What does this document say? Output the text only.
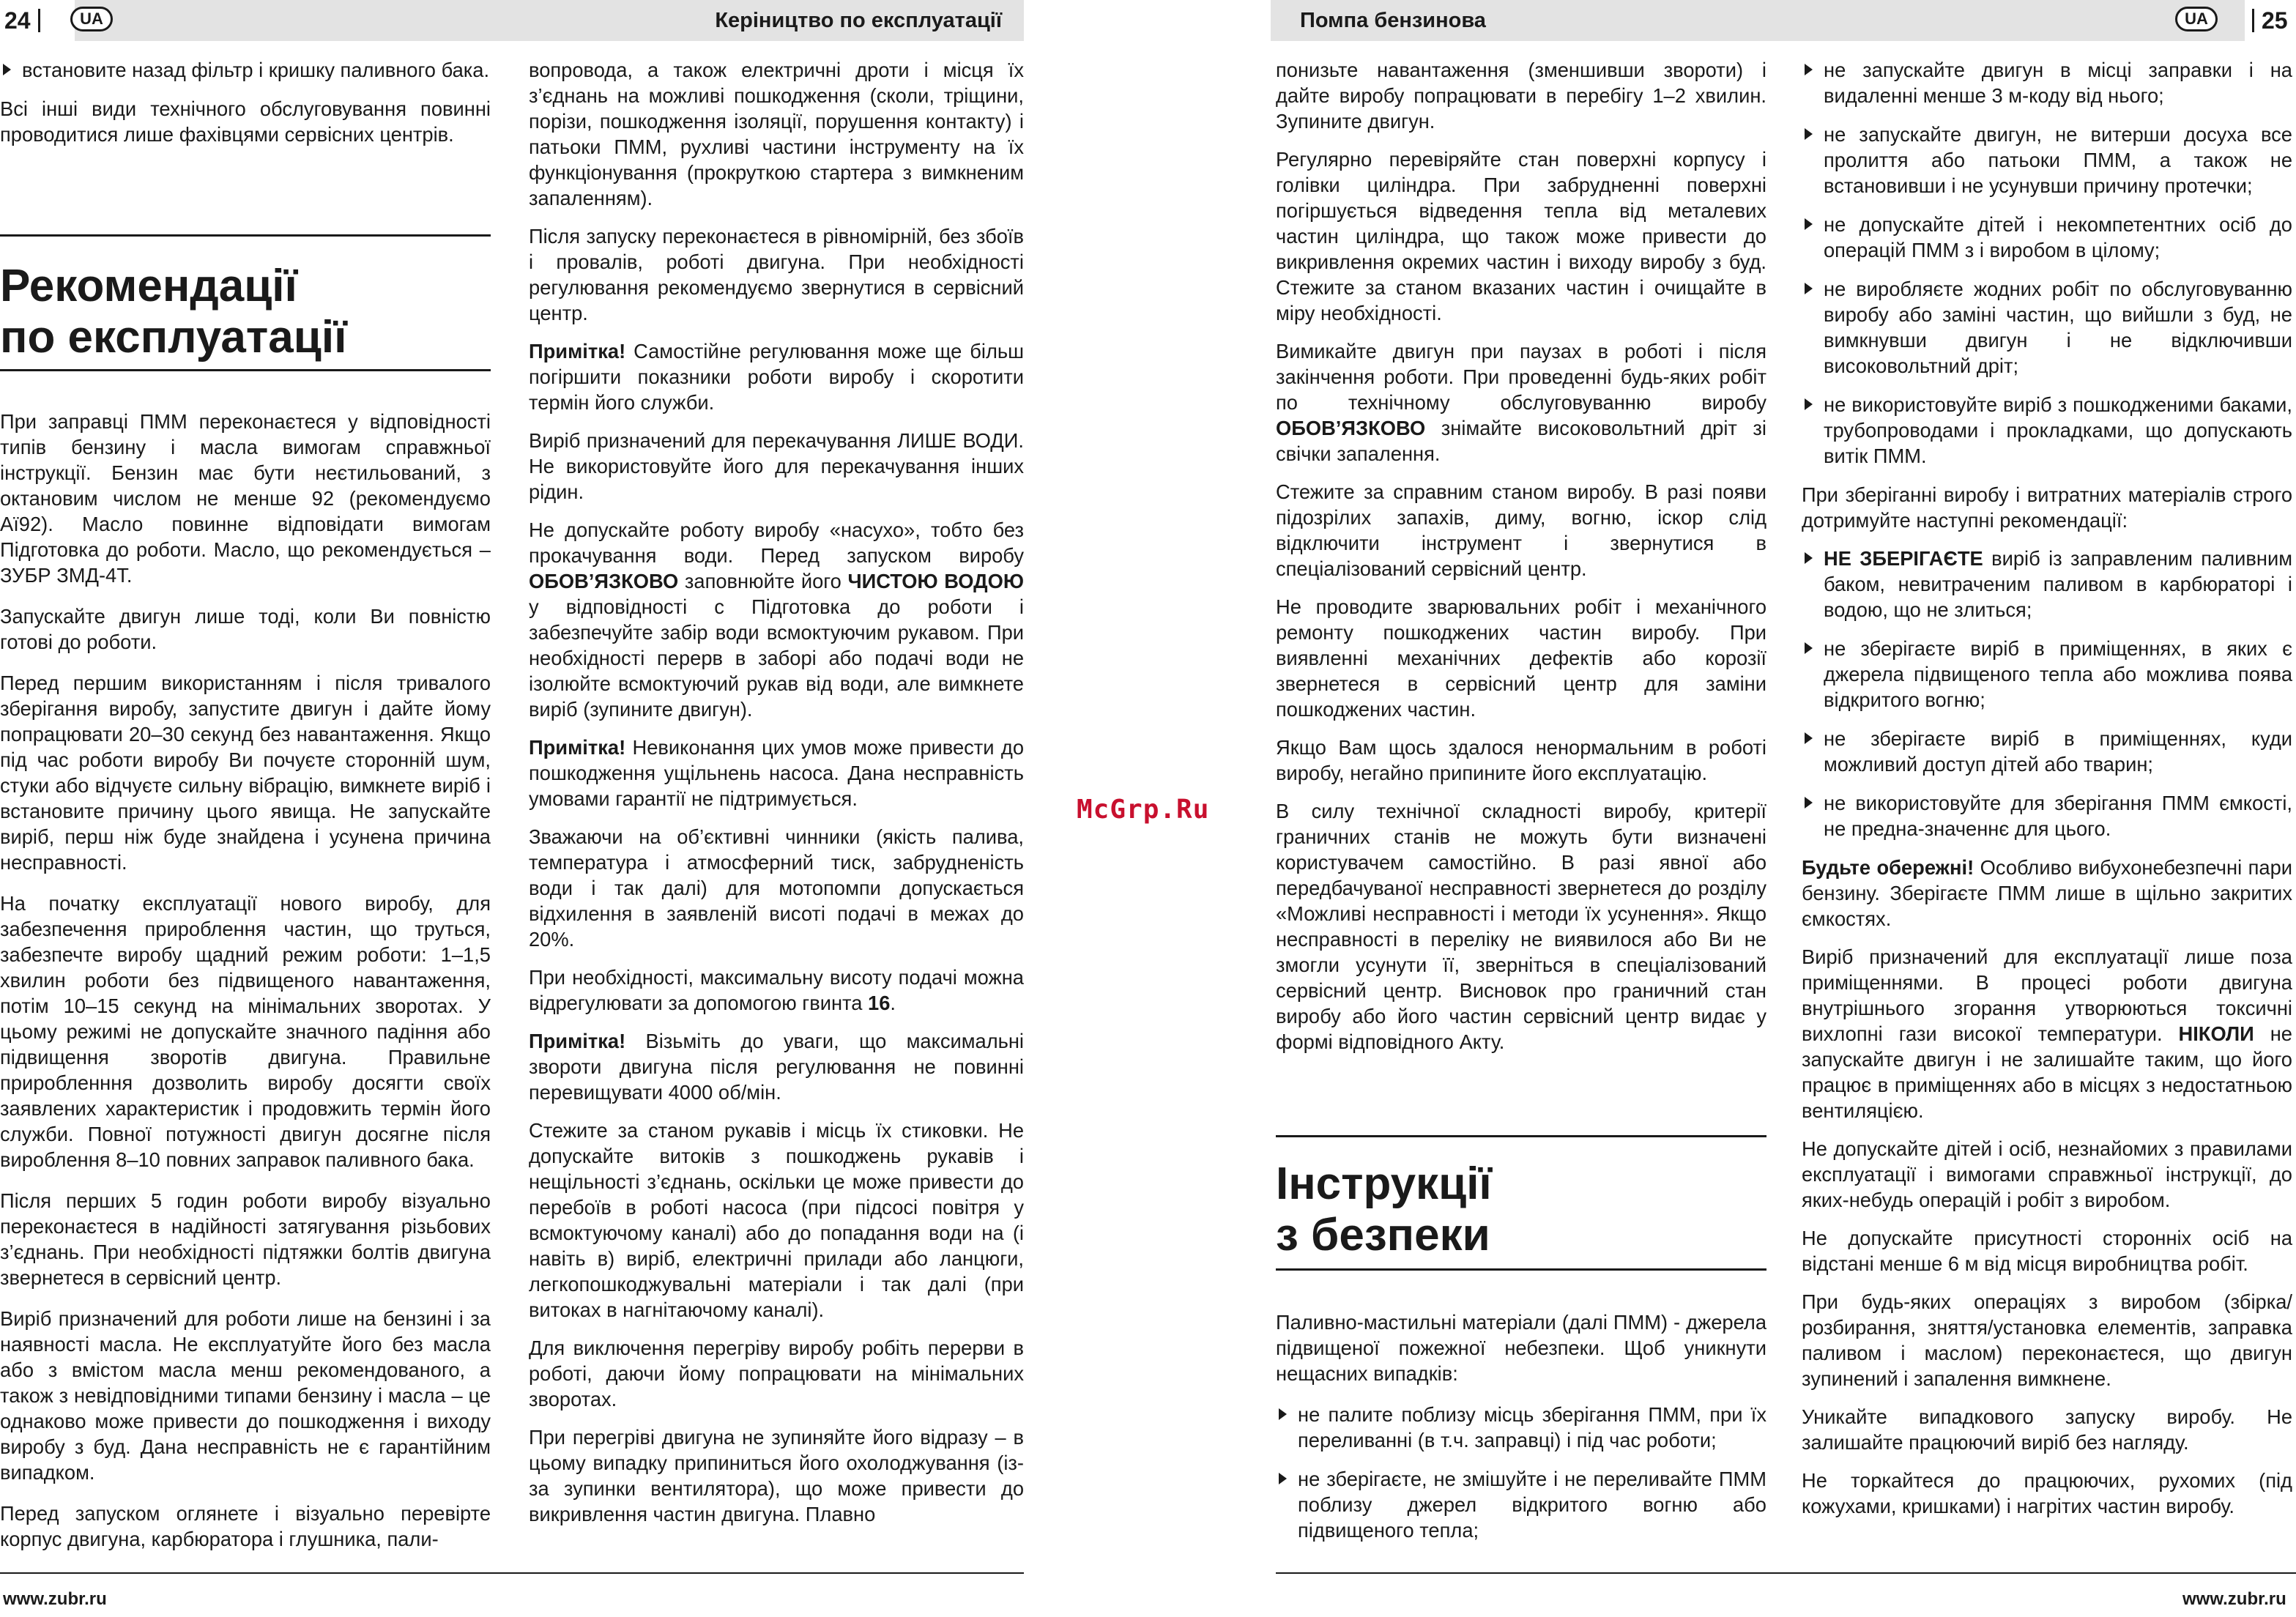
Керіництво по експлуатації
24	UA
встановите назад фільтр і кришку паливного бака.

Всі інші види технічного обслуговування повинні проводитися лише фахівцями сервісних центрів.

Рекомендації
по експлуатації

При заправці ПММ переконаєтеся у відповідності типів бензину і масла вимогам справжньої інструкції. Бензин має бути неєтильований, з октановим числом не менше 92 (рекомендуємо Аї92). Масло повинне відповідати вимогам Підготовка до роботи. Масло, що рекомендується – ЗУБР ЗМД-4Т.

Запускайте двигун лише тоді, коли Ви повністю готові до роботи.

Перед першим використанням і після тривалого зберігання виробу, запустите двигун і дайте йому попрацювати 20–30 секунд без навантаження. Якщо під час роботи виробу Ви почуєте сторонній шум, стуки або відчуєте сильну вібрацію, вимкнете виріб і встановите причину цього явища. Не запускайте виріб, перш ніж буде знайдена і усунена причина несправності.

На початку експлуатації нового виробу, для забезпечення прироблення частин, що труться, забезпечте виробу щадний режим роботи: 1–1,5 хвилин роботи без підвищеного навантаження, потім 10–15 секунд на мінімальних зворотах. У цьому режимі не допускайте значного падіння або підвищення зворотів двигуна. Правильне приробленння дозволить виробу досягти своїх заявлених характеристик і продовжить термін його служби. Повної потужності двигун досягне після вироблення 8–10 повних заправок паливного бака.

Після перших 5 годин роботи виробу візуально переконаєтеся в надійності затягування різьбових з’єднань. При необхідності підтяжки болтів двигуна звернетеся в сервісний центр.

Виріб призначений для роботи лише на бензині і за наявності масла. Не експлуатуйте його без масла або з вмістом масла менш рекомендованого, а також з невідповідними типами бензину і масла – це однаково може привести до пошкодження і виходу виробу з буд. Дана несправність не є гарантійним випадком.

Перед запуском оглянете і візуально перевірте корпус двигуна, карбюратора і глушника, пали-

вопровода, а також електричні дроти і місця їх з’єднань на можливі пошкодження (сколи, тріщини, порізи, пошкодження ізоляції, порушення контакту) і патьоки ПММ, рухливі частини інструменту на їх функціонування (прокруткою стартера з вимкненим запаленням).

Після запуску переконаєтеся в рівномірній, без збоїв і провалів, роботі двигуна. При необхідності регулювання рекомендуємо звернутися в сервісний центр.

Примітка! Самостійне регулювання може ще більш погіршити показники роботи виробу і скоротити термін його служби.

Виріб призначений для перекачування ЛИШЕ ВОДИ. Не використовуйте його для перекачування інших рідин.

Не допускайте роботу виробу «насухо», тобто без прокачування води. Перед запуском виробу ОБОВ’ЯЗКОВО заповнюйте його ЧИСТОЮ ВОДОЮ у відповідності с Підготовка до роботи і забезпечуйте забір води всмоктуючим рукавом. При необхідності перерв в заборі або подачі води не ізолюйте всмоктуючий рукав від води, але вимкнете виріб (зупините двигун).

Примітка! Невиконання цих умов може привести до пошкодження ущільнень насоса. Дана несправність умовами гарантії не підтримується.

Зважаючи на об’єктивні чинники (якість палива, температура і атмосферний тиск, забрудненість води і так далі) для мотопомпи допускається відхилення в заявленій висоті подачі в межах до 20%.

При необхідності, максимальну висоту подачі можна відрегулювати за допомогою гвинта 16.

Примітка! Візьміть до уваги, що максимальні звороти двигуна після регулювання не повинні перевищувати 4000 об/мін.

Стежите за станом рукавів і місць їх стиковки. Не допускайте витоків з пошкоджень рукавів і нещільності з’єднань, оскільки це може привести до перебоїв в роботі насоса (при підсосі повітря у всмоктуючому каналі) або до попадання води на (і навіть в) виріб, електричні прилади або ланцюги, легкопошкоджувальні матеріали і так далі (при витоках в нагнітаючому каналі).

Для виключення перегріву виробу робіть перерви в роботі, даючи йому попрацювати на мінімальних зворотах.

При перегріві двигуна не зупиняйте його відразу – в цьому випадку припиниться його охолоджування (із-за зупинки вентилятора), що може привести до викривлення частин двигуна. Плавно

www.zubr.ru
McGrp.Ru
Помпа бензинова	UA	25

понизьте навантаження (зменшивши звороти) і дайте виробу попрацювати в перебігу 1–2 хвилин. Зупините двигун.

Регулярно перевіряйте стан поверхні корпусу і голівки циліндра. При забрудненні поверхні погіршується відведення тепла від металевих частин циліндра, що також може привести до викривлення окремих частин і виходу виробу з буд. Стежите за станом вказаних частин і очищайте в міру необхідності.

Вимикайте двигун при паузах в роботі і після закінчення роботи. При проведенні будь-яких робіт по технічному обслуговуванню виробу ОБОВ’ЯЗКОВО знімайте високовольтний дріт зі свічки запалення.

Стежите за справним станом виробу. В разі появи підозрілих запахів, диму, вогню, іскор слід відключити інструмент і звернутися в спеціалізований сервісний центр.

Не проводите зварювальних робіт і механічного ремонту пошкоджених частин виробу. При виявленні механічних дефектів або корозії звернетеся в сервісний центр для заміни пошкоджених частин.

Якщо Вам щось здалося ненормальним в роботі виробу, негайно припините його експлуатацію.

В силу технічної складності виробу, критерії граничних станів не можуть бути визначені користувачем самостійно. В разі явної або передбачуваної несправності звернетеся до розділу «Можливі несправності і методи їх усунення». Якщо несправності в переліку не виявилося або Ви не змогли усунути її, зверніться в спеціалізований сервісний центр. Висновок про граничний стан виробу або його частин сервісний центр видає у формі відповідного Акту.

Інструкції
з безпеки

Паливно-мастильні матеріали (далі ПММ) - джерела підвищеної пожежної небезпеки. Щоб уникнути нещасних випадків:

не палите поблизу місць зберігання ПММ, при їх переливанні (в т.ч. заправці) і під час роботи;
не зберігаєте, не змішуйте і не переливайте ПММ поблизу джерел відкритого вогню або підвищеного тепла;
не запускайте двигун в місці заправки і на видаленні менше 3 м-коду від нього;
не запускайте двигун, не витерши досуха все пролиття або патьоки ПММ, а також не встановивши і не усунувши причину протечки;
не допускайте дітей і некомпетентних осіб до операцій ПММ з і виробом в цілому;
не виробляєте жодних робіт по обслуговуванню виробу або заміні частин, що вийшли з буд, не вимкнувши двигун і не відключивши високовольтний дріт;
не використовуйте виріб з пошкодженими баками, трубопроводами і прокладками, що допускають витік ПММ.

При зберіганні виробу і витратних матеріалів строго дотримуйте наступні рекомендації:

НЕ ЗБЕРІГАЄТЕ виріб із заправленим паливним баком, невитраченим паливом в карбюраторі і водою, що не злиться;
не зберігаєте виріб в приміщеннях, в яких є джерела підвищеного тепла або можлива поява відкритого вогню;
не зберігаєте виріб в приміщеннях, куди можливий доступ дітей або тварин;
не використовуйте для зберігання ПММ ємкості, не предна-значеннє для цього.

Будьте обережні! Особливо вибухонебезпечні пари бензину. Зберігаєте ПММ лише в щільно закритих ємкостях.

Виріб призначений для експлуатації лише поза приміщеннями. В процесі роботи двигуна внутрішнього згорання утворюються токсичні вихлопні гази високої температури. НІКОЛИ не запускайте двигун і не залишайте таким, що його працює в приміщеннях або в місцях з недостатньою вентиляцією.

Не допускайте дітей і осіб, незнайомих з правилами експлуатації і вимогами справжньої інструкції, до яких-небудь операцій і робіт з виробом.

Не допускайте присутності сторонніх осіб на відстані менше 6 м від місця виробництва робіт.

При будь-яких операціях з виробом (збірка/розбирання, зняття/установка елементів, заправка паливом і маслом) переконаєтеся, що двигун зупинений і запалення вимкнене.

Уникайте випадкового запуску виробу. Не залишайте працюючий виріб без нагляду.

Не торкайтеся до працюючих, рухомих (під кожухами, кришками) і нагрітих частин виробу.

www.zubr.ru
